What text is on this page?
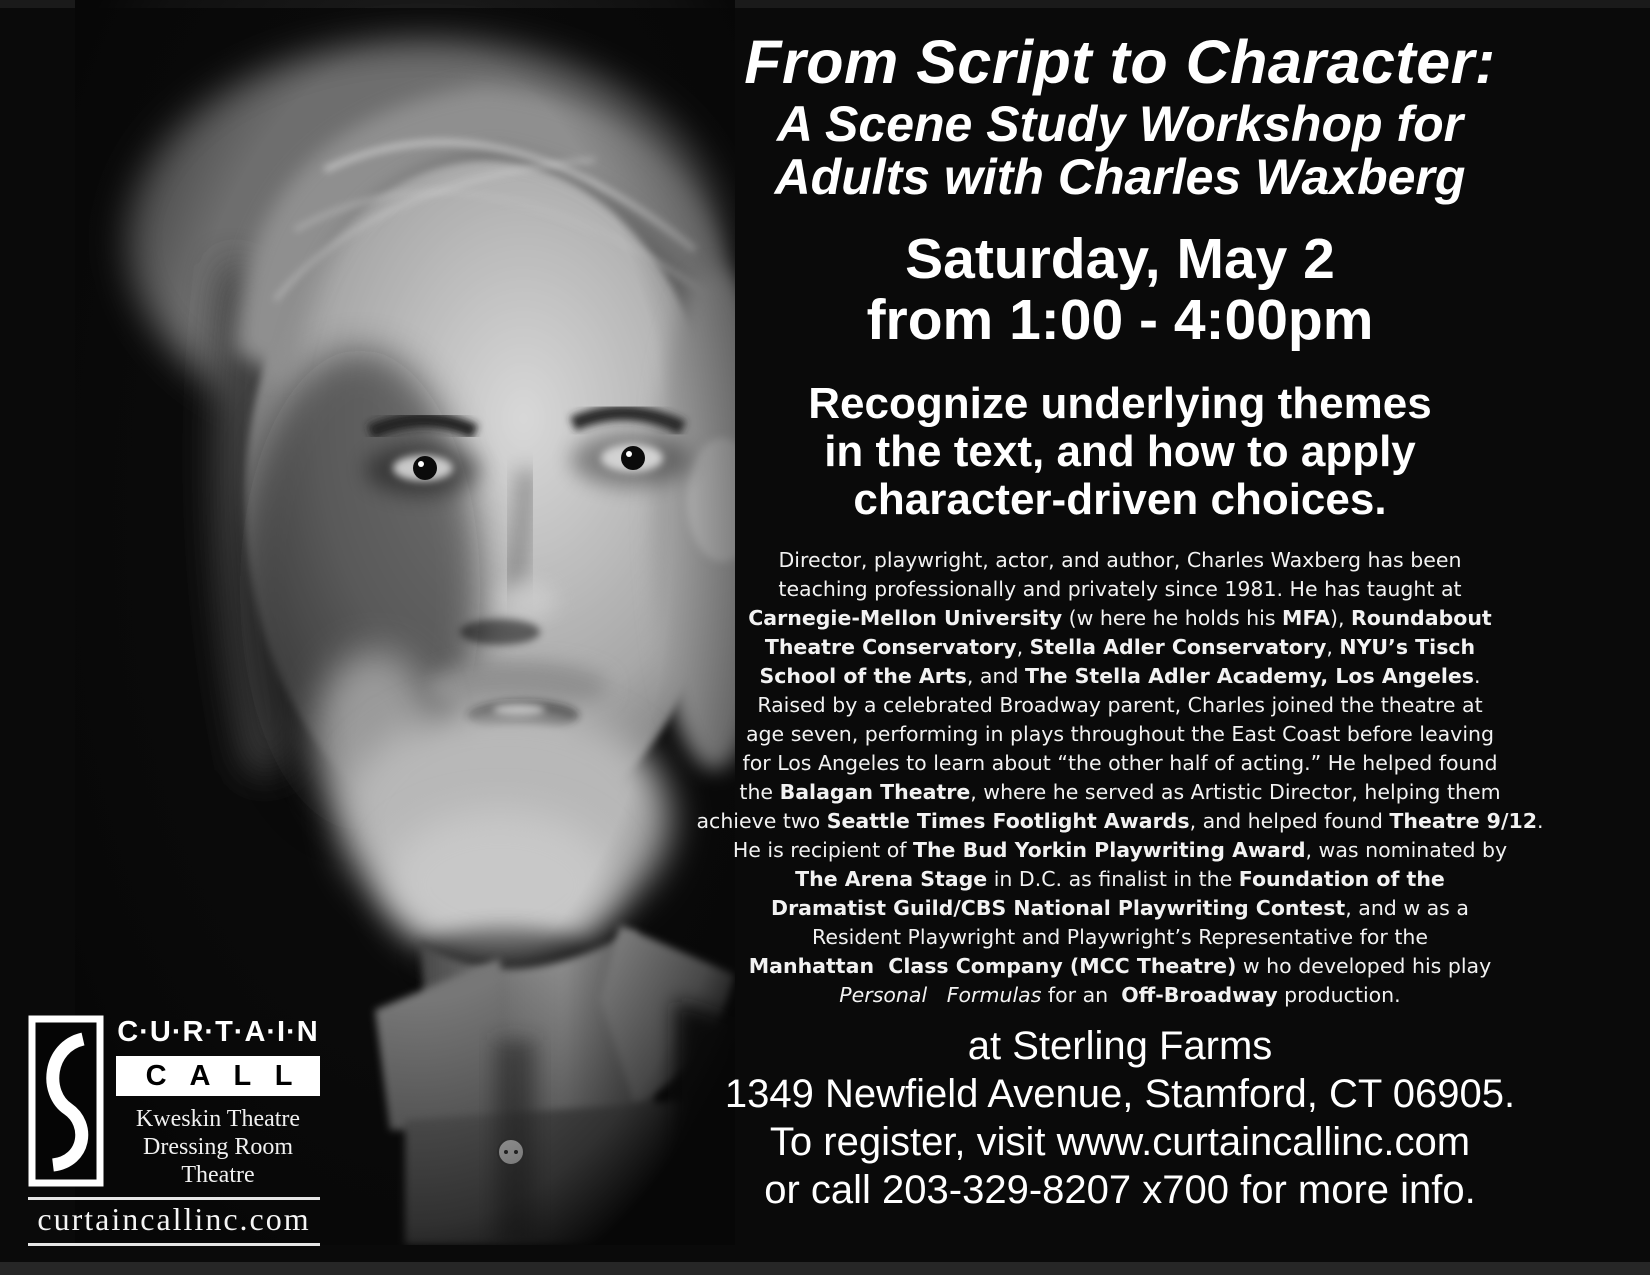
From Script to Character:
A Scene Study Workshop for
Adults with Charles Waxberg
Saturday, May 2
from 1:00 - 4:00pm
Recognize underlying themes
in the text, and how to apply
character-driven choices.
Director, playwright, actor, and author, Charles Waxberg has been
teaching professionally and privately since 1981. He has taught at
Carnegie-Mellon University (w here he holds his MFA), Roundabout
Theatre Conservatory, Stella Adler Conservatory, NYU’s Tisch
School of the Arts, and The Stella Adler Academy, Los Angeles.
Raised by a celebrated Broadway parent, Charles joined the theatre at
age seven, performing in plays throughout the East Coast before leaving
for Los Angeles to learn about “the other half of acting.” He helped found
the Balagan Theatre, where he served as Artistic Director, helping them
achieve two Seattle Times Footlight Awards, and helped found Theatre 9/12.
He is recipient of The Bud Yorkin Playwriting Award, was nominated by
The Arena Stage in D.C. as finalist in the Foundation of the
Dramatist Guild/CBS National Playwriting Contest, and w as a
Resident Playwright and Playwright’s Representative for the
Manhattan  Class Company (MCC Theatre) w ho developed his play
Personal   Formulas for an  Off-Broadway production.
at Sterling Farms
1349 Newfield Avenue, Stamford, CT 06905.
To register, visit www.curtaincallinc.com
or call 203-329-8207 x700 for more info.
C·U·R·T·A·I·N
C A L L
Kweskin Theatre
Dressing Room Theatre
curtaincallinc.com
